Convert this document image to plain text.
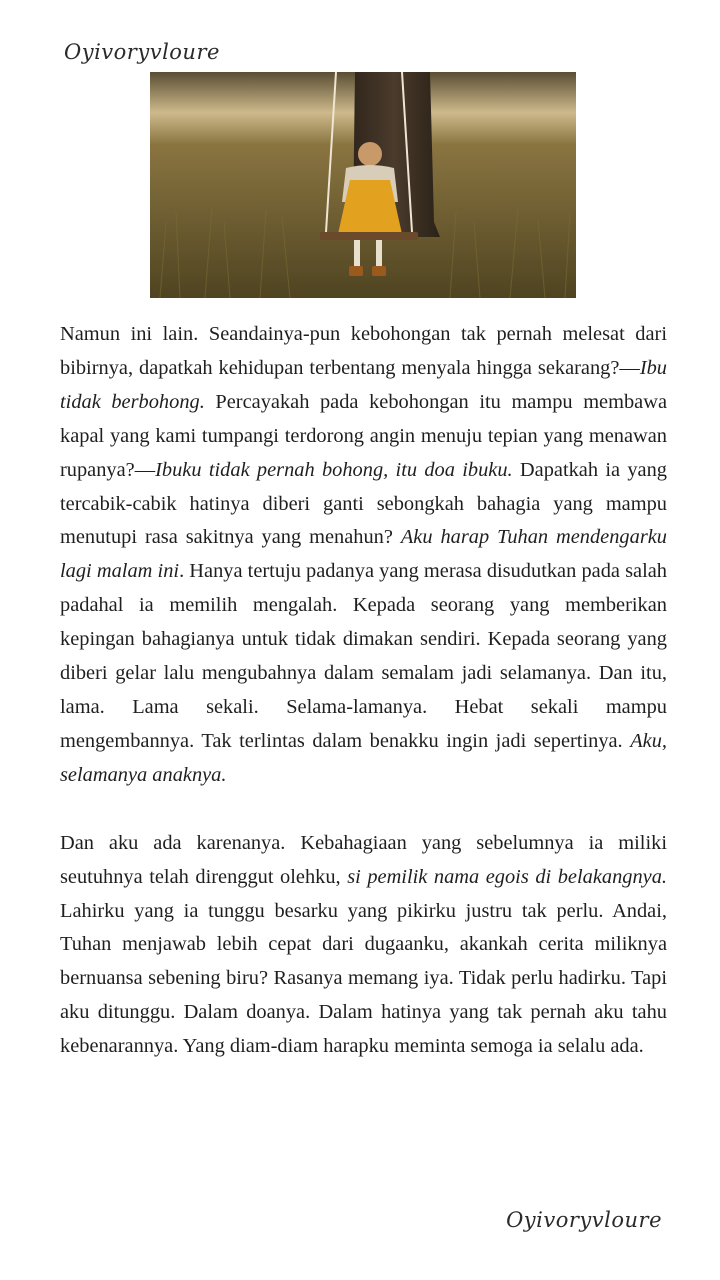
Oyivoryvloure

Namun ini lain. Seandainya-pun kebohongan tak pernah melesat dari bibirnya, dapatkah kehidupan terbentang menyala hingga sekarang?—Ibu tidak berbohong. Percayakah pada kebohongan itu mampu membawa kapal yang kami tumpangi terdorong angin menuju tepian yang menawan rupanya?—Ibuku tidak pernah bohong, itu doa ibuku. Dapatkah ia yang tercabik-cabik hatinya diberi ganti sebongkah bahagia yang mampu menutupi rasa sakitnya yang menahun? Aku harap Tuhan mendengarku lagi malam ini. Hanya tertuju padanya yang merasa disudutkan pada salah padahal ia memilih mengalah. Kepada seorang yang memberikan kepingan bahagianya untuk tidak dimakan sendiri. Kepada seorang yang diberi gelar lalu mengubahnya dalam semalam jadi selamanya. Dan itu, lama. Lama sekali. Selama-lamanya. Hebat sekali mampu mengembannya. Tak terlintas dalam benakku ingin jadi sepertinya. Aku, selamanya anaknya.

Dan aku ada karenanya. Kebahagiaan yang sebelumnya ia miliki seutuhnya telah direnggut olehku, si pemilik nama egois di belakangnya. Lahirku yang ia tunggu besarku yang pikirku justru tak perlu. Andai, Tuhan menjawab lebih cepat dari dugaanku, akankah cerita miliknya bernuansa sebening biru? Rasanya memang iya. Tidak perlu hadirku. Tapi aku ditunggu. Dalam doanya. Dalam hatinya yang tak pernah aku tahu kebenarannya. Yang diam-diam harapku meminta semoga ia selalu ada.

Oyivoryvloure
